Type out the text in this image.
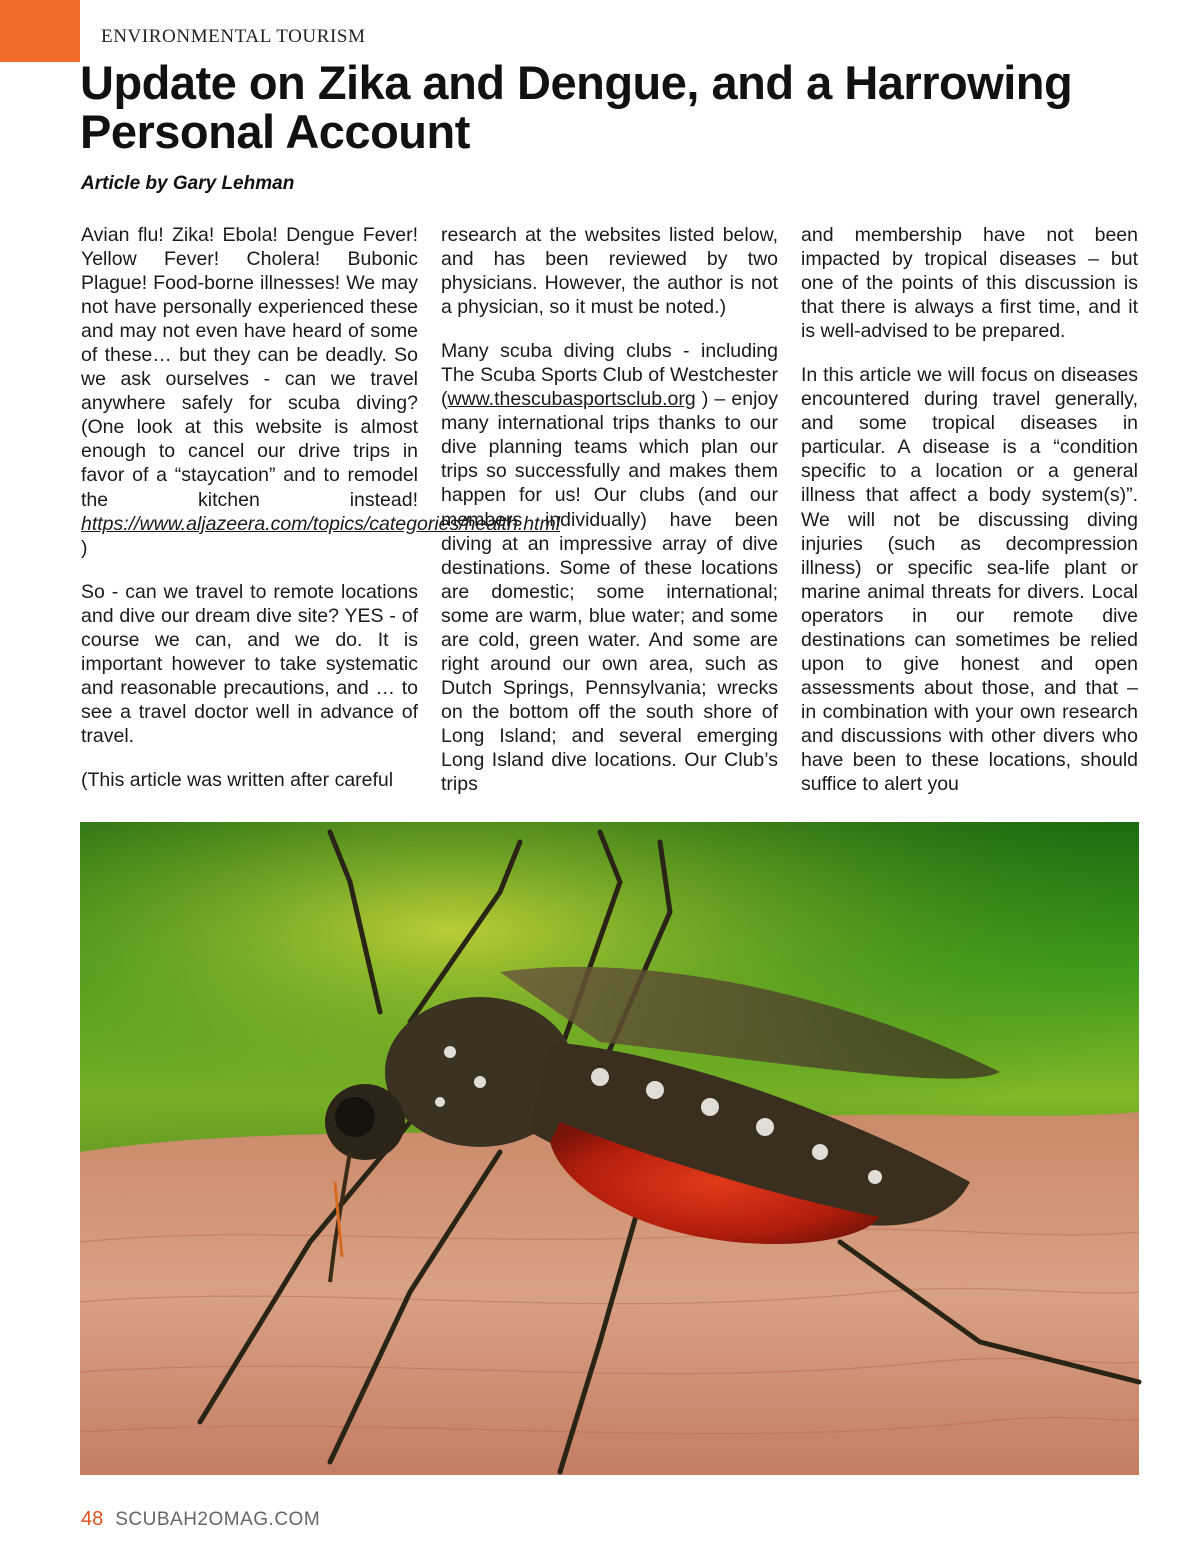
ENVIRONMENTAL TOURISM
Update on Zika and Dengue, and a Harrowing Personal Account
Article by Gary Lehman

Avian flu! Zika! Ebola! Dengue Fever! Yellow Fever! Cholera! Bubonic Plague! Food-borne illnesses! We may not have personally experienced these and may not even have heard of some of these… but they can be deadly. So we ask ourselves - can we travel anywhere safely for scuba diving? (One look at this website is almost enough to cancel our drive trips in favor of a “staycation” and to remodel the kitchen instead! https://www.aljazeera.com/topics/categories/health.html )

So - can we travel to remote locations and dive our dream dive site? YES - of course we can, and we do. It is important however to take systematic and reasonable precautions, and … to see a travel doctor well in advance of travel.

(This article was written after careful

research at the websites listed below, and has been reviewed by two physicians. However, the author is not a physician, so it must be noted.)

Many scuba diving clubs - including The Scuba Sports Club of Westchester (www.thescubasportsclub.org ) – enjoy many international trips thanks to our dive planning teams which plan our trips so successfully and makes them happen for us! Our clubs (and our members individually) have been diving at an impressive array of dive destinations. Some of these locations are domestic; some international; some are warm, blue water; and some are cold, green water. And some are right around our own area, such as Dutch Springs, Pennsylvania; wrecks on the bottom off the south shore of Long Island; and several emerging Long Island dive locations. Our Club’s trips

and membership have not been impacted by tropical diseases – but one of the points of this discussion is that there is always a first time, and it is well-advised to be prepared.

In this article we will focus on diseases encountered during travel generally, and some tropical diseases in particular. A disease is a “condition specific to a location or a general illness that affect a body system(s)”. We will not be discussing diving injuries (such as decompression illness) or specific sea-life plant or marine animal threats for divers. Local operators in our remote dive destinations can sometimes be relied upon to give honest and open assessments about those, and that – in combination with your own research and discussions with other divers who have been to these locations, should suffice to alert you

48 SCUBAH2OMAG.COM
